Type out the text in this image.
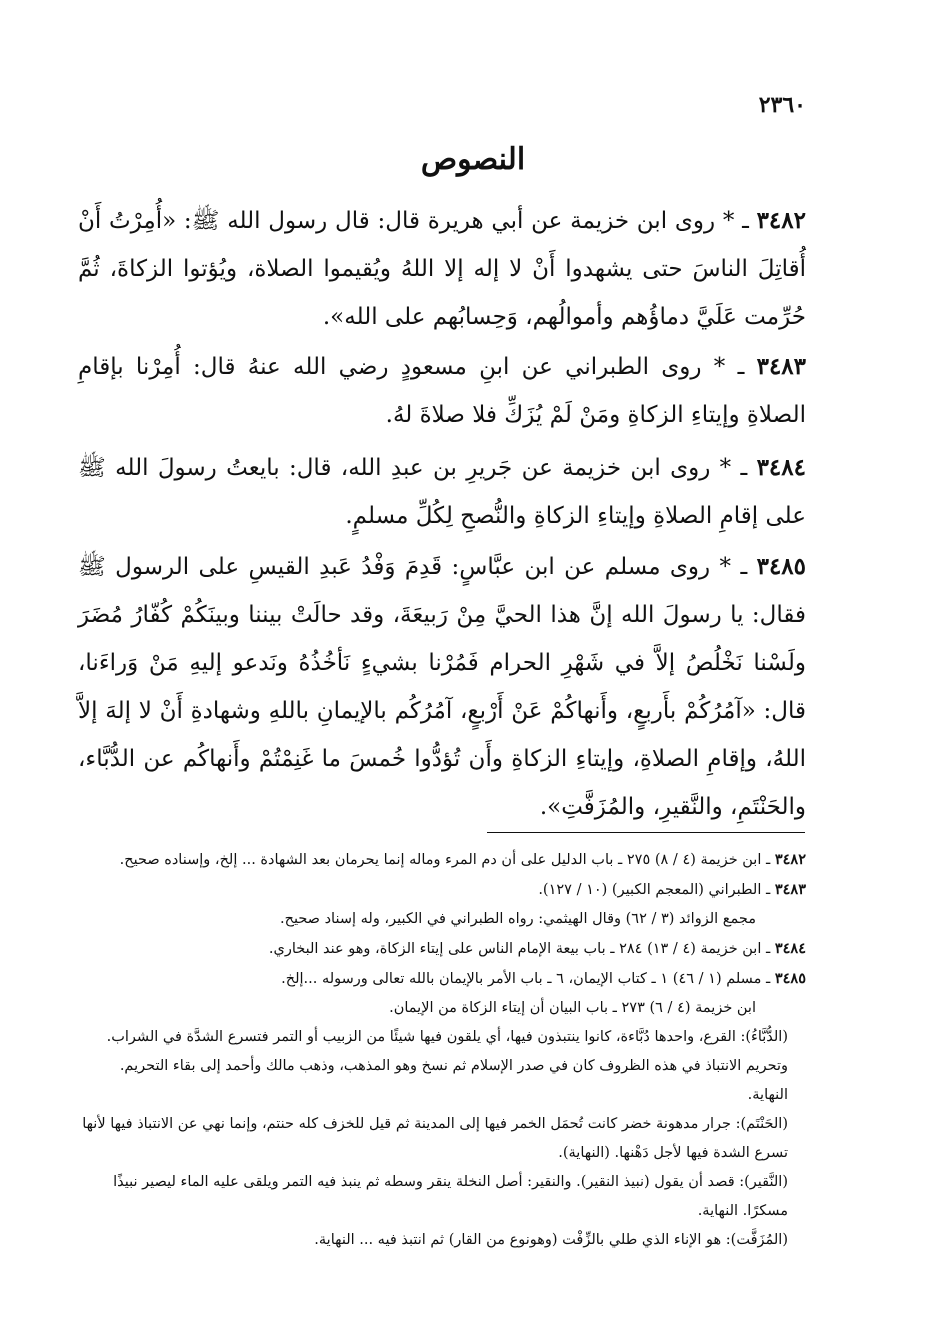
٢٣٦٠
النصوص
٣٤٨٢ ـ * روى ابن خزيمة عن أبي هريرة قال: قال رسول الله ﷺ: «أُمِرْتُ أَنْ أُقاتِلَ الناسَ حتى يشهدوا أَنْ لا إله إلا اللهُ ويُقيموا الصلاة، ويُؤتوا الزكاةَ، ثُمَّ حُرِّمت عَلَيَّ دماؤُهم وأموالُهم، وَحِسابُهم على الله».
٣٤٨٣ ـ * روى الطبراني عن ابنِ مسعودٍ رضي الله عنهُ قال: أُمِرْنا بإقامِ الصلاةِ وإيتاءِ الزكاةِ ومَنْ لَمْ يُزَكِّ فلا صلاةَ لهُ.
٣٤٨٤ ـ * روى ابن خزيمة عن جَريرِ بن عبدِ الله، قال: بايعتُ رسولَ الله ﷺ على إقامِ الصلاةِ وإيتاءِ الزكاةِ والنُّصحِ لِكُلِّ مسلمٍ.
٣٤٨٥ ـ * روى مسلم عن ابن عبَّاسٍ: قَدِمَ وَفْدُ عَبدِ القيسِ على الرسول ﷺ فقال: يا رسولَ الله إنَّ هذا الحيَّ مِنْ رَبيعَةَ، وقد حالَتْ بيننا وبينَكُمْ كُفّارُ مُضَرَ ولَسْنا نَخْلُصُ إلاَّ في شَهْرِ الحرام فَمُرْنا بشيءٍ نَأخُذُهُ ونَدعو إليهِ مَنْ وَراءَنا، قال: «آمُرُكُمْ بأَربعٍ، وأَنهاكُمْ عَنْ أَرْبعٍ، آمُرُكُم بالإيمانِ باللهِ وشهادةِ أَنْ لا إلهَ إلاَّ اللهُ، وإقامِ الصلاةِ، وإيتاءِ الزكاةِ وأَن تُؤدُّوا خُمسَ ما غَنِمْتُمْ وأَنهاكُم عن الدُّبَّاء، والحَنْتَمِ، والنَّقيرِ، والمُزَفَّتِ».

٣٤٨٢ ـ ابن خزيمة (٤ / ٨) ٢٧٥ ـ باب الدليل على أن دم المرء وماله إنما يحرمان بعد الشهادة ... إلخ، وإسناده صحيح.

٣٤٨٣ ـ الطبراني (المعجم الكبير) (١٠ / ١٢٧).

مجمع الزوائد (٣ / ٦٢) وقال الهيثمي: رواه الطبراني في الكبير، وله إسناد صحيح.

٣٤٨٤ ـ ابن خزيمة (٤ / ١٣) ٢٨٤ ـ باب بيعة الإمام الناس على إيتاء الزكاة، وهو عند البخاري.

٣٤٨٥ ـ مسلم (١ / ٤٦) ١ ـ كتاب الإيمان، ٦ ـ باب الأمر بالإيمان بالله تعالى ورسوله ...إلخ.

ابن خزيمة (٤ / ٦) ٢٧٣ ـ باب البيان أن إيتاء الزكاة من الإيمان.

(الدُّبَّاءُ): القرع، واحدها دُبَّاءة، كانوا ينتبذون فيها، أي يلقون فيها شيئًا من الزبيب أو التمر فتسرع الشدَّة في الشراب. وتحريم الانتباذ في هذه الظروف كان في صدر الإسلام ثم نسخ وهو المذهب، وذهب مالك وأحمد إلى بقاء التحريم. النهاية.

(الحَنْتَم): جرار مدهونة خضر كانت تُحمَل الخمر فيها إلى المدينة ثم قيل للخزف كله حنتم، وإنما نهي عن الانتباذ فيها لأنها تسرع الشدة فيها لأجل دَهْنها. (النهاية).

(النَّقير): قصد أن يقول (نبيذ النقير). والنقير: أصل النخلة ينقر وسطه ثم ينبذ فيه التمر ويلقى عليه الماء ليصير نبيذًا مسكرًا. النهاية.

(المُزَفَّت): هو الإناء الذي طلي بالزِّفْت (وهونوع من القار) ثم انتبذ فيه ... النهاية.
